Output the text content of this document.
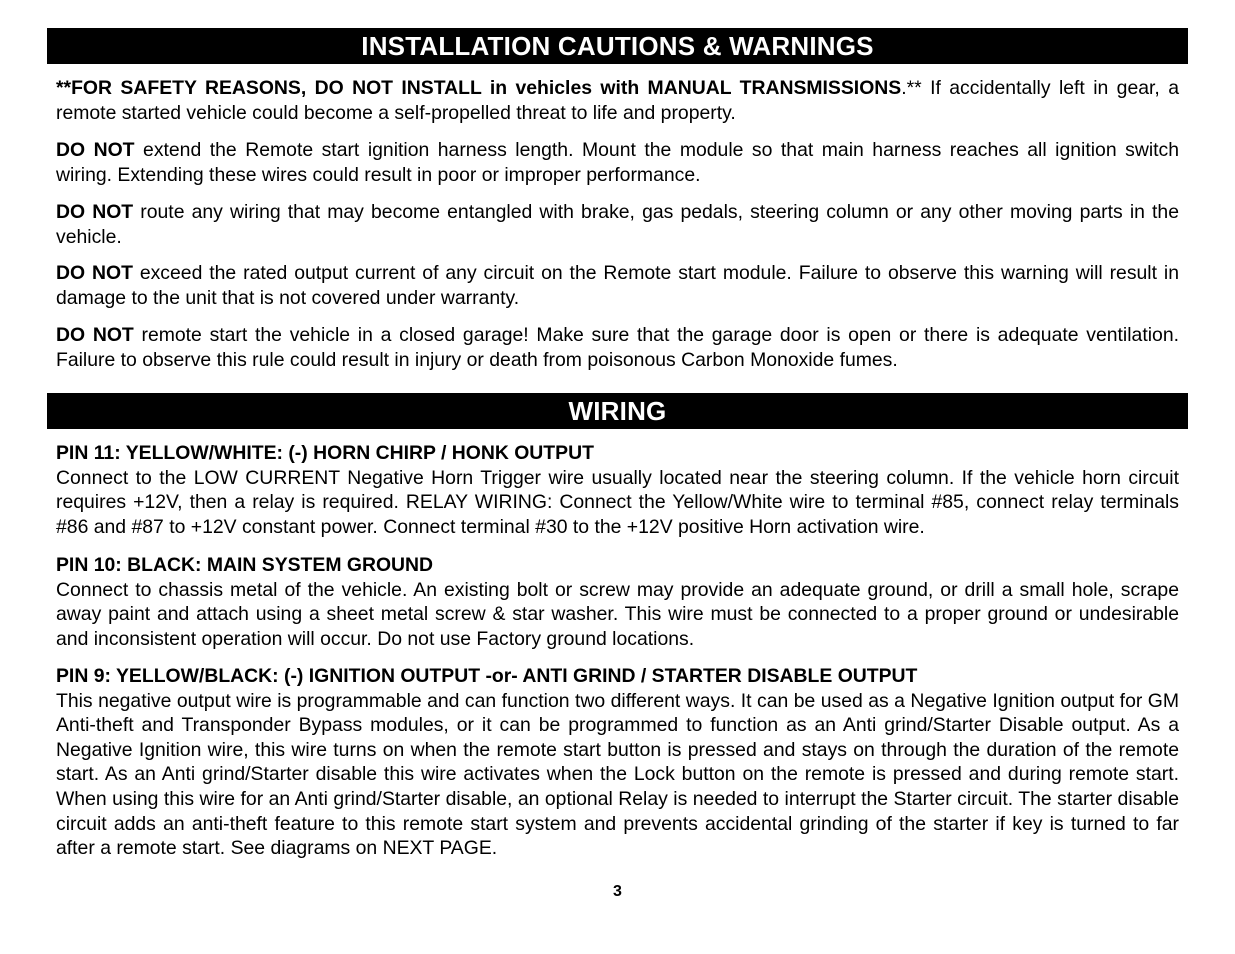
INSTALLATION CAUTIONS & WARNINGS
**FOR SAFETY REASONS, DO NOT INSTALL in vehicles with MANUAL TRANSMISSIONS.** If accidentally left in gear, a remote started vehicle could become a self-propelled threat to life and property.
DO NOT extend the Remote start ignition harness length. Mount the module so that main harness reaches all ignition switch wiring. Extending these wires could result in poor or improper performance.
DO NOT route any wiring that may become entangled with brake, gas pedals, steering column or any other moving parts in the vehicle.
DO NOT exceed the rated output current of any circuit on the Remote start module. Failure to observe this warning will result in damage to the unit that is not covered under warranty.
DO NOT remote start the vehicle in a closed garage! Make sure that the garage door is open or there is adequate ventilation. Failure to observe this rule could result in injury or death from poisonous Carbon Monoxide fumes.
WIRING
PIN 11: YELLOW/WHITE: (-) HORN CHIRP / HONK OUTPUT
Connect to the LOW CURRENT Negative Horn Trigger wire usually located near the steering column. If the vehicle horn circuit requires +12V, then a relay is required. RELAY WIRING: Connect the Yellow/White wire to terminal #85, connect relay terminals #86 and #87 to +12V constant power. Connect terminal #30 to the +12V positive Horn activation wire.
PIN 10: BLACK: MAIN SYSTEM GROUND
Connect to chassis metal of the vehicle. An existing bolt or screw may provide an adequate ground, or drill a small hole, scrape away paint and attach using a sheet metal screw & star washer. This wire must be connected to a proper ground or undesirable and inconsistent operation will occur. Do not use Factory ground locations.
PIN 9: YELLOW/BLACK: (-) IGNITION OUTPUT -or- ANTI GRIND / STARTER DISABLE OUTPUT
This negative output wire is programmable and can function two different ways. It can be used as a Negative Ignition output for GM Anti-theft and Transponder Bypass modules, or it can be programmed to function as an Anti grind/Starter Disable output. As a Negative Ignition wire, this wire turns on when the remote start button is pressed and stays on through the duration of the remote start. As an Anti grind/Starter disable this wire activates when the Lock button on the remote is pressed and during remote start. When using this wire for an Anti grind/Starter disable, an optional Relay is needed to interrupt the Starter circuit. The starter disable circuit adds an anti-theft feature to this remote start system and prevents accidental grinding of the starter if key is turned to far after a remote start. See diagrams on NEXT PAGE.
3
